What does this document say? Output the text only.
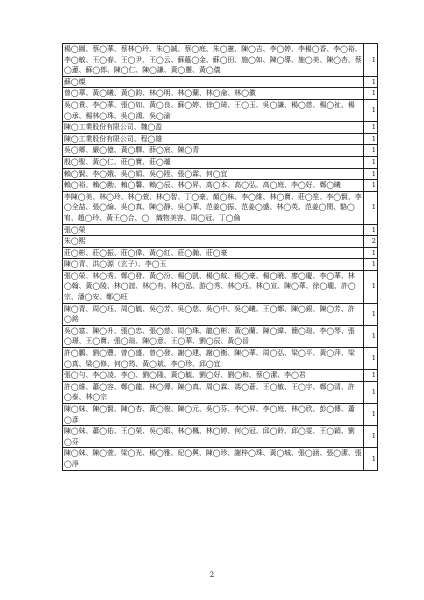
楊◯圓、蔡◯華、蔡林◯玲、朱◯誠、蔡◯庭、朱◯憲、陳◯吉、李◯婷、李楊◯香、李◯裕、李◯敏、王◯春、王◯尹、王◯云、蘇蘊◯金、蘇◯田、施◯如、陳◯導、施◯美、陳◯杏、蔡◯蓮、蘇◯郎、陳◯仁、陳◯謙、黃◯靈、黃◯儀	1
蘇◯燦	1
曾◯華、黃◯曦、黃◯鈞、林◯明、林◯蘭、林◯侖、林◯徽	1
吳◯貴、李◯華、張◯如、黃◯良、蘇◯婷、徐◯琦、王◯玉、吳◯謙、楊◯慈、楊◯祉、楊◯承、楊林◯珠、吳◯鴻、吳◯渝	1
陳◯工業股份有限公司、魏◯盈	1
陳◯工業股份有限公司、程◯雄	1
吳◯郷、嚴◯億、黃◯驛、薛◯宸、陳◯青	1
殷◯聖、黃◯仁、莊◯寶、莊◯瓏	1
賴◯賢、李◯娥、吳◯娟、吳◯陞、張◯霖、何◯宜	1
賴◯裕、賴◯勳、賴◯馨、賴◯辰、林◯昇、高◯本、高◯弘、高◯庭、李◯好、鄭◯曦	1
李陳◯美、林◯玲、林◯萱、林◯智、丁◯豪、顏◯秣、李◯維、林◯寶、莊◯笙、李◯賢、李◯全喆、張◯綸、吳◯真、陳◯靜、吳◯華、范姜◯振、范姜◯盛、林◯英、范姜◯閔、駱◯宥、趙◯玲、黃王◯合、◯　織物美容、周◯冠、丁◯倫	1
張◯榮	1
朱◯熙	2
莊◯彬、莊◯振、莊◯偉、黃◯紅、莊◯瀚、莊◯豪	1
陳◯青、洪◯源（玄子）、李◯玉	1
張◯榮、林◯秀、鄭◯發、黃◯汾、楊◯凱、楊◯蚊、楊◯豪、楊◯曉、廖◯慶、李◯華、林◯翰、黃◯陵、林◯誼、林◯有、林◯泓、游◯秀、林◯珏、林◯宣、陳◯華、徐◯瓏、許◯宗、潘◯安、鄭◯旺	1
陳◯青、周◯珏、周◯毓、吳◯芳、吳◯慈、吳◯中、吳◯曦、王◯鄭、陳◯銀、陳◯芳、許◯銘	1
吳◯富、陳◯升、張◯忠、張◯慈、周◯珠、龍◯彬、黃◯蘭、陳◯緯、簡◯瑄、李◯琴、張◯璟、王◯寶、張◯瑄、陳◯意、王◯華、劉◯辰、黃◯晉	1
許◯鵬、劉◯豐、曾◯盛、曾◯發、謝◯建、謝◯衡、陳◯華、周◯弘、梁◯平、黃◯萍、梁◯真、梁◯修、何◯筠、黃◯斌、李◯珍、邱◯宜	1
張◯勻、李◯凌、李◯、劉◯隆、黃◯毓、劉◯好、劉◯和、蔡◯潔、李◯君	1
許◯維、蕭◯容、鄭◯龍、林◯傳、陳◯真、周◯霖、馮◯蒼、王◯敏、王◯宇、鄭◯清、許◯泰、林◯宗	1
陳◯妹、陳◯賢、陳◯杏、黃◯俊、陳◯元、吳◯芬、李◯昇、李◯庭、林◯欣、彭◯傳、蕭◯彥	1
陳◯妹、蕭◯佑、王◯榮、吳◯耶、林◯楓、林◯婷、何◯冠、邱◯鈴、邱◯雯、王◯穎、劉◯芬	1
陳◯妹、陳◯萱、梁◯光、楊◯雅、紀◯興、陳◯珍、謝梓◯珠、黃◯城、張◯涵、張◯潔、張◯淨	1
2
